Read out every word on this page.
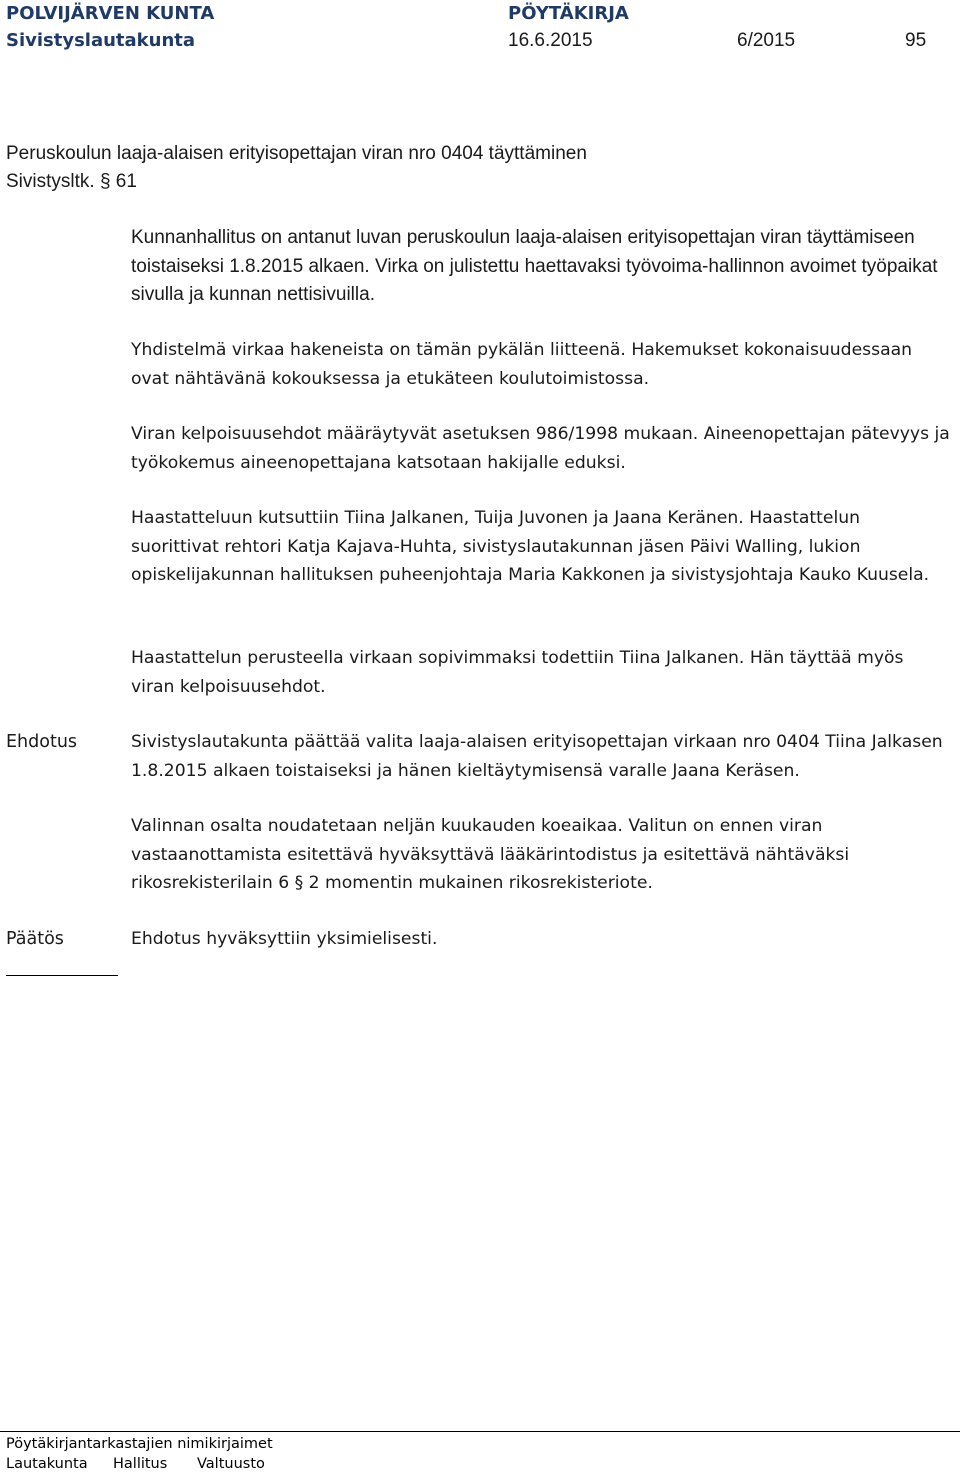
POLVIJÄRVEN KUNTA	PÖYTÄKIRJA
Sivistyslautakunta	16.6.2015	6/2015	95
Peruskoulun laaja-alaisen erityisopettajan viran nro 0404 täyttäminen
Sivistysltk. § 61
Kunnanhallitus on antanut luvan peruskoulun laaja-alaisen erityisopettajan viran täyttämiseen toistaiseksi 1.8.2015 alkaen. Virka on julistettu haettavaksi työvoima-hallinnon avoimet työpaikat sivulla ja kunnan nettisivuilla.
Yhdistelmä virkaa hakeneista on tämän pykälän liitteenä. Hakemukset kokonaisuudessaan ovat nähtävänä kokouksessa ja etukäteen koulutoimistossa.
Viran kelpoisuusehdot määräytyvät asetuksen 986/1998 mukaan. Aineenopettajan pätevyys ja työkokemus aineenopettajana katsotaan hakijalle eduksi.
Haastatteluun kutsuttiin Tiina Jalkanen, Tuija Juvonen ja Jaana Keränen. Haastattelun suorittivat rehtori Katja Kajava-Huhta, sivistyslautakunnan jäsen Päivi Walling, lukion opiskelijakunnan hallituksen puheenjohtaja Maria Kakkonen ja sivistysjohtaja Kauko Kuusela.
Haastattelun perusteella virkaan sopivimmaksi todettiin Tiina Jalkanen. Hän täyttää myös viran kelpoisuusehdot.
Ehdotus	Sivistyslautakunta päättää valita laaja-alaisen erityisopettajan virkaan nro 0404 Tiina Jalkasen 1.8.2015 alkaen toistaiseksi ja hänen kieltäytymisensä varalle Jaana Keräsen.
Valinnan osalta noudatetaan neljän kuukauden koeaikaa. Valitun on ennen viran vastaanottamista esitettävä hyväksyttävä lääkärintodistus ja esitettävä nähtäväksi rikosrekisterilain 6 § 2 momentin mukainen rikosrekisteriote.
Päätös	Ehdotus hyväksyttiin yksimielisesti.
Pöytäkirjantarkastajien nimikirjaimet
Lautakunta Hallitus Valtuusto
